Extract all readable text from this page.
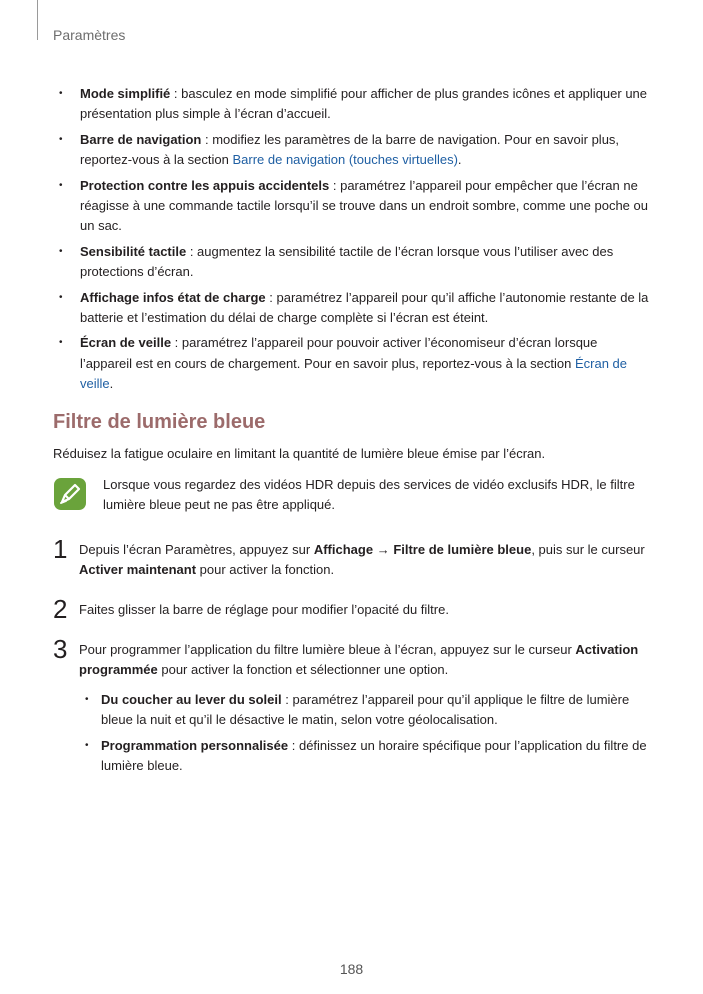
Paramètres
• Mode simplifié : basculez en mode simplifié pour afficher de plus grandes icônes et appliquer une présentation plus simple à l’écran d’accueil.
• Barre de navigation : modifiez les paramètres de la barre de navigation. Pour en savoir plus, reportez-vous à la section Barre de navigation (touches virtuelles).
• Protection contre les appuis accidentels : paramétrez l’appareil pour empêcher que l’écran ne réagisse à une commande tactile lorsqu’il se trouve dans un endroit sombre, comme une poche ou un sac.
• Sensibilité tactile : augmentez la sensibilité tactile de l’écran lorsque vous l’utiliser avec des protections d’écran.
• Affichage infos état de charge : paramétrez l’appareil pour qu’il affiche l’autonomie restante de la batterie et l’estimation du délai de charge complète si l’écran est éteint.
• Écran de veille : paramétrez l’appareil pour pouvoir activer l’économiseur d’écran lorsque l’appareil est en cours de chargement. Pour en savoir plus, reportez-vous à la section Écran de veille.
Filtre de lumière bleue
Réduisez la fatigue oculaire en limitant la quantité de lumière bleue émise par l’écran.
Lorsque vous regardez des vidéos HDR depuis des services de vidéo exclusifs HDR, le filtre lumière bleue peut ne pas être appliqué.
1 Depuis l’écran Paramètres, appuyez sur Affichage → Filtre de lumière bleue, puis sur le curseur Activer maintenant pour activer la fonction.
2 Faites glisser la barre de réglage pour modifier l’opacité du filtre.
3 Pour programmer l’application du filtre lumière bleue à l’écran, appuyez sur le curseur Activation programmée pour activer la fonction et sélectionner une option.
• Du coucher au lever du soleil : paramétrez l’appareil pour qu’il applique le filtre de lumière bleue la nuit et qu’il le désactive le matin, selon votre géolocalisation.
• Programmation personnalisée : définissez un horaire spécifique pour l’application du filtre de lumière bleue.
188
